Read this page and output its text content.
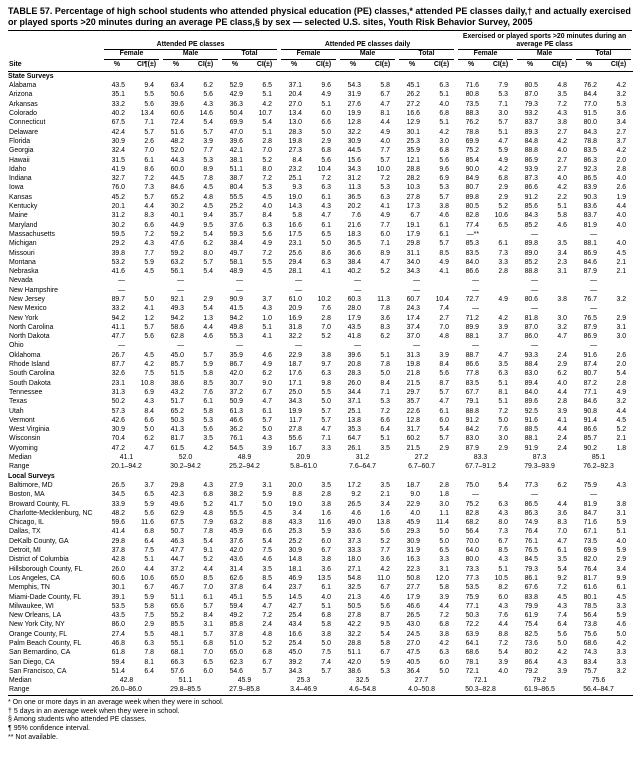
TABLE 57. Percentage of high school students who attended physical education (PE) classes,* attended PE classes daily,† and actually exercised or played sports >20 minutes during an average PE class,§ by sex — selected U.S. sites, Youth Risk Behavior Survey, 2005
Site	Attended PE classes						Attended PE classes daily						Exercised or played sports >20 minutes during an average PE class					

	Female		Male		Total		Female		Male		Total		Female		Male		Total	

	%	CI¶(±)	%	CI(±)	%	CI(±)	%	CI(±)	%	CI(±)	%	CI(±)	%	CI(±)	%	CI(±)	%	CI(±)
State Surveys																		
Alabama	43.5	9.4	63.4	6.2	52.9	6.5	37.1	9.6	54.3	5.8	45.1	6.3	71.6	7.9	80.5	4.8	76.2	4.2
Arizona	35.1	5.5	50.6	5.6	42.9	5.1	20.4	4.9	31.9	6.7	26.2	5.1	80.8	5.3	87.0	3.5	84.4	3.2
Arkansas	33.2	5.6	39.6	4.3	36.3	4.2	27.0	5.1	27.6	4.7	27.2	4.0	73.5	7.1	79.3	7.2	77.0	5.3
Colorado	40.2	13.4	60.6	14.6	50.4	10.7	13.4	6.0	19.9	8.1	16.6	6.8	88.3	3.0	93.2	4.3	91.5	3.6
Connecticut	67.5	7.1	72.4	5.4	69.9	5.4	13.0	6.6	12.8	4.4	12.9	5.1	76.2	5.7	83.7	3.8	80.0	3.4
Delaware	42.4	5.7	51.6	5.7	47.0	5.1	28.3	5.0	32.2	4.9	30.1	4.2	78.8	5.1	89.3	2.7	84.3	2.7
Florida	30.9	2.6	48.2	3.9	39.6	2.8	19.8	2.9	30.9	4.0	25.3	3.0	69.9	4.7	84.8	4.2	78.8	3.7
Georgia	32.4	7.0	52.0	7.7	42.1	7.0	27.3	6.8	44.5	7.7	35.9	6.8	75.2	5.9	88.8	4.0	83.5	4.2
Hawaii	31.5	6.1	44.3	5.3	38.1	5.2	8.4	5.6	15.6	5.7	12.1	5.6	85.4	4.9	86.9	2.7	86.3	2.0
Idaho	41.9	8.6	60.0	8.9	51.1	8.0	23.2	10.4	34.3	10.0	28.8	9.6	90.0	4.2	93.9	2.7	92.3	2.8
Indiana	32.7	7.2	44.5	7.8	38.7	7.2	25.1	7.2	31.2	7.2	28.2	6.9	84.9	6.8	87.3	4.0	86.5	4.0
Iowa	76.0	7.3	84.6	4.5	80.4	5.3	9.3	6.3	11.3	5.3	10.3	5.3	80.7	2.9	86.6	4.2	83.9	2.6
Kansas	45.2	5.7	65.2	4.8	55.5	4.5	19.0	6.1	36.5	6.3	27.8	5.7	89.8	2.9	91.2	2.2	90.3	1.9
Kentucky	20.1	4.4	30.2	4.5	25.2	4.0	14.3	4.3	20.2	4.1	17.3	3.8	80.5	5.2	85.6	5.1	83.6	4.4
Maine	31.2	8.3	40.1	9.4	35.7	8.4	5.8	4.7	7.6	4.9	6.7	4.6	82.8	10.6	84.3	5.8	83.7	4.0
Maryland	30.2	6.6	44.9	9.5	37.6	6.3	16.6	6.1	21.6	7.7	19.1	6.1	77.4	6.5	85.2	4.6	81.9	4.0
Massachusetts	59.5	7.2	59.2	5.4	59.3	5.6	17.5	6.5	18.3	6.0	17.9	6.1	—**		—		—	
Michigan	29.2	4.3	47.6	6.2	38.4	4.9	23.1	5.0	36.5	7.1	29.8	5.7	85.3	6.1	89.8	3.5	88.1	4.0
Missouri	39.8	7.7	59.2	8.0	49.7	7.2	25.6	8.6	36.6	8.9	31.1	8.5	83.5	7.3	89.0	3.4	86.9	4.5
Montana	53.2	5.9	63.2	5.7	58.1	5.5	29.4	6.3	38.4	4.7	34.0	4.9	84.0	3.3	85.2	2.3	84.6	2.1
Nebraska	41.6	4.5	56.1	5.4	48.9	4.5	28.1	4.1	40.2	5.2	34.3	4.1	86.6	2.8	88.8	3.1	87.9	2.1
Nevada	—		—		—		—		—		—		—		—		—	
New Hampshire	—		—		—		—		—		—		—		—		—	
New Jersey	89.7	5.0	92.1	2.9	90.9	3.7	61.0	10.2	60.3	11.3	60.7	10.4	72.7	4.9	80.6	3.8	76.7	3.2
New Mexico	33.2	4.1	49.3	5.4	41.5	4.3	20.9	7.6	28.0	7.8	24.3	7.4	—		—		—	
New York	94.2	1.2	94.2	1.3	94.2	1.0	16.9	2.8	17.9	3.6	17.4	2.7	71.2	4.2	81.8	3.0	76.5	2.9
North Carolina	41.1	5.7	58.6	4.4	49.8	5.1	31.8	7.0	43.5	8.3	37.4	7.0	89.9	3.9	87.0	3.2	87.9	3.1
North Dakota	47.7	5.6	62.8	4.6	55.3	4.1	32.2	5.2	41.8	6.2	37.0	4.8	88.1	3.7	86.0	4.7	86.9	3.0
Ohio	—		—		—		—		—		—		—		—		—	
Oklahoma	26.7	4.5	45.0	5.7	35.9	4.6	22.9	3.8	39.6	5.1	31.3	3.9	88.7	4.7	93.3	2.4	91.6	2.6
Rhode Island	87.7	4.2	85.7	5.9	86.7	4.9	18.7	9.7	20.8	7.8	19.8	8.4	86.6	3.5	88.4	2.9	87.4	2.0
South Carolina	32.6	7.5	51.5	5.8	42.0	6.2	17.6	6.3	28.3	5.0	21.8	5.6	77.8	6.3	83.0	6.2	80.7	5.4
South Dakota	23.1	10.8	38.6	8.5	30.7	9.0	17.1	9.8	26.0	8.4	21.5	8.7	83.5	5.1	89.4	4.0	87.2	2.8
Tennessee	31.3	6.9	43.2	7.6	37.2	6.7	25.0	5.5	34.4	7.1	29.7	5.7	67.7	8.1	84.0	4.4	77.1	4.9
Texas	50.2	4.3	51.7	6.1	50.9	4.7	34.3	5.0	37.1	5.3	35.7	4.7	79.1	5.1	89.6	2.8	84.6	3.2
Utah	57.3	8.4	65.2	5.8	61.3	6.1	19.9	5.7	25.1	7.2	22.6	6.1	88.8	7.2	92.5	3.9	90.8	4.4
Vermont	42.6	6.6	50.3	5.3	46.6	5.7	11.7	5.7	13.8	6.6	12.8	6.0	91.2	5.0	91.6	4.1	91.4	4.5
West Virginia	30.9	5.0	41.3	5.6	36.2	5.0	27.8	4.7	35.3	6.4	31.7	5.4	84.2	7.6	88.5	4.4	86.6	5.2
Wisconsin	70.4	6.2	81.7	3.5	76.1	4.3	55.6	7.1	64.7	5.1	60.2	5.7	83.0	3.0	88.1	2.4	85.7	2.1
Wyoming	47.2	4.7	61.5	4.2	54.5	3.9	16.7	3.3	26.1	3.5	21.5	2.9	87.9	2.9	91.9	2.4	90.2	1.8
Median	41.1		52.0		48.9		20.9		31.2		27.2		83.3		87.3		85.1	
Range	20.1–94.2		30.2–94.2		25.2–94.2		5.8–61.0		7.6–64.7		6.7–60.7		67.7–91.2		79.3–93.9		76.2–92.3	
Local Surveys																		
Baltimore, MD	26.5	3.7	29.8	4.3	27.9	3.1	20.0	3.5	17.2	3.5	18.7	2.8	75.0	5.4	77.3	6.2	75.9	4.3
Boston, MA	34.5	6.5	42.3	6.8	38.2	5.9	8.8	2.8	9.2	2.1	9.0	1.8	—		—		—	
Broward County, FL	33.9	5.9	49.6	5.2	41.7	5.0	19.0	3.8	26.5	3.4	22.9	3.0	75.2	6.3	86.5	4.4	81.9	3.8
Charlotte-Mecklenburg, NC	48.2	5.6	62.9	4.8	55.5	4.5	3.4	1.6	4.6	1.6	4.0	1.1	82.8	4.3	86.3	3.6	84.7	3.1
Chicago, IL	59.6	11.6	67.5	7.9	63.2	8.8	43.3	11.6	49.0	13.8	45.9	11.4	68.2	8.0	74.9	8.3	71.6	5.9
Dallas, TX	41.4	6.8	50.7	7.8	45.9	6.6	25.3	5.9	33.6	5.6	29.3	5.0	56.4	7.3	76.4	7.0	67.1	5.1
DeKalb County, GA	29.8	6.4	46.3	5.4	37.6	5.4	25.2	6.0	37.3	5.2	30.9	5.0	70.0	6.7	76.1	4.7	73.5	4.0
Detroit, MI	37.8	7.5	47.7	9.1	42.0	7.5	30.9	6.7	33.3	7.7	31.9	6.5	64.0	8.5	76.5	6.1	69.9	5.9
District of Columbia	42.8	5.1	44.7	5.2	43.6	4.6	14.8	3.8	18.0	3.6	16.3	3.3	80.0	4.3	84.5	3.5	82.0	2.9
Hillsborough County, FL	26.0	4.4	37.2	4.4	31.4	3.5	18.1	3.6	27.1	4.2	22.3	3.1	73.3	5.1	79.3	5.4	76.4	3.4
Los Angeles, CA	60.6	10.6	65.0	8.5	62.6	8.5	46.9	13.5	54.8	11.0	50.8	12.0	77.3	10.5	86.1	9.2	81.7	9.9
Memphis, TN	30.1	6.7	46.7	7.0	37.8	6.4	23.7	6.1	32.5	6.7	27.7	5.8	53.5	8.2	67.6	7.2	61.6	6.1
Miami-Dade County, FL	39.1	5.9	51.1	6.1	45.1	5.5	14.5	4.0	21.3	4.6	17.9	3.9	75.9	6.0	83.8	4.5	80.1	4.5
Milwaukee, WI	53.5	5.8	65.6	5.7	59.4	4.7	42.7	5.1	50.5	5.6	46.6	4.4	77.1	4.3	79.9	4.3	78.5	3.3
New Orleans, LA	43.5	7.5	55.2	8.4	49.2	7.2	25.4	6.8	27.8	8.7	26.5	7.2	50.3	7.6	61.9	7.4	56.4	5.9
New York City, NY	86.0	2.9	85.5	3.1	85.8	2.4	43.4	5.8	42.2	9.5	43.0	6.8	72.2	4.4	75.4	6.4	73.8	4.6
Orange County, FL	27.4	5.5	48.1	5.7	37.8	4.8	16.6	3.8	32.2	5.4	24.5	3.8	63.9	8.8	82.5	5.6	75.6	5.0
Palm Beach County, FL	46.8	6.3	55.1	6.8	51.0	5.2	25.4	5.0	28.8	5.8	27.0	4.2	64.1	7.2	73.6	5.0	68.6	4.2
San Bernardino, CA	61.8	7.8	68.1	7.0	65.0	6.8	45.0	7.5	51.1	6.7	47.5	6.3	68.6	5.4	80.2	4.2	74.3	3.3
San Diego, CA	59.4	8.1	66.3	6.5	62.3	6.7	39.2	7.4	42.0	5.9	40.5	6.0	78.1	3.9	86.4	4.3	83.4	3.3
San Francisco, CA	51.4	6.4	57.6	6.0	54.6	5.7	34.3	5.7	38.6	5.3	36.4	5.0	72.1	4.0	79.2	3.9	75.7	3.2
Median	42.8		51.1		45.9		25.3		32.5		27.7		72.1		79.2		75.6	
Range	26.0–86.0		29.8–85.5		27.9–85.8		3.4–46.9		4.6–54.8		4.0–50.8		50.3–82.8		61.9–86.5		56.4–84.7	
* On one or more days in an average week when they were in school.
† 5 days in an average week when they were in school.
§ Among students who attended PE classes.
¶ 95% confidence interval.
** Not available.
